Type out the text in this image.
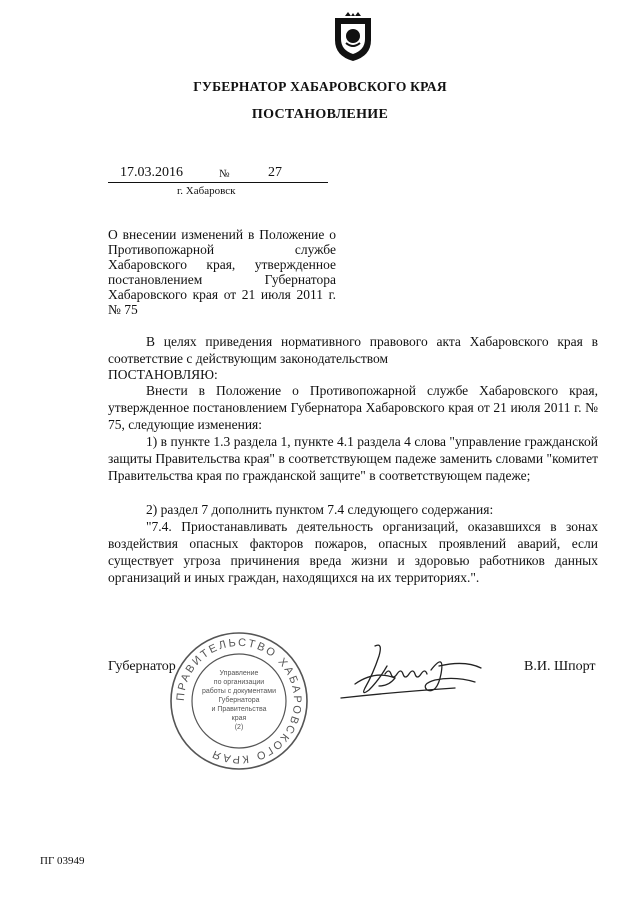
ГУБЕРНАТОР ХАБАРОВСКОГО КРАЯ
ПОСТАНОВЛЕНИЕ
17.03.2016	№	27
г. Хабаровск
О внесении изменений в Положение о Противопожарной службе Хабаровского края, утвержденное постановлением Губернатора Хабаровского края от 21 июля 2011 г. № 75
В целях приведения нормативного правового акта Хабаровского края в соответствие с действующим законодательством
ПОСТАНОВЛЯЮ:
Внести в Положение о Противопожарной службе Хабаровского края, утвержденное постановлением Губернатора Хабаровского края от 21 июля 2011 г. № 75, следующие изменения:
1) в пункте 1.3 раздела 1, пункте 4.1 раздела 4 слова "управление гражданской защиты Правительства края" в соответствующем падеже заменить словами "комитет Правительства края по гражданской защите" в соответствующем падеже;
2) раздел 7 дополнить пунктом 7.4 следующего содержания:
"7.4. Приостанавливать деятельность организаций, оказавшихся в зонах воздействия опасных факторов пожаров, опасных проявлений аварий, если существует угроза причинения вреда жизни и здоровью работников данных организаций и иных граждан, находящихся на их территориях.".
Губернатор	В.И. Шпорт
ПРАВИТЕЛЬСТВО ХАБАРОВСКОГО КРАЯ
Управление
по организации
работы с документами
Губернатора
и Правительства
края
(2)
ПГ 03949
